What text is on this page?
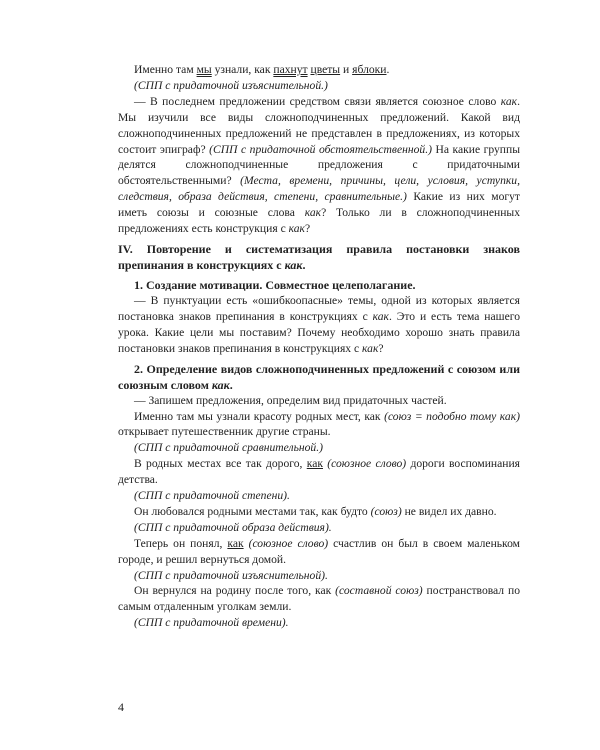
Именно там мы узнали, как пахнут цветы и яблоки.

(СПП с придаточной изъяснительной.)

— В последнем предложении средством связи является союзное слово как. Мы изучили все виды сложноподчиненных предложений. Какой вид сложноподчиненных предложений не представлен в предложениях, из которых состоит эпиграф? (СПП с придаточной обстоятельственной.) На какие группы делятся сложноподчиненные предложения с придаточными обстоятельственными? (Места, времени, причины, цели, условия, уступки, следствия, образа действия, степени, сравнительные.) Какие из них могут иметь союзы и союзные слова как? Только ли в сложноподчиненных предложениях есть конструкция с как?

IV. Повторение и систематизация правила постановки знаков препинания в конструкциях с как.

1. Создание мотивации. Совместное целеполагание.

— В пунктуации есть «ошибкоопасные» темы, одной из которых является постановка знаков препинания в конструкциях с как. Это и есть тема нашего урока. Какие цели мы поставим? Почему необходимо хорошо знать правила постановки знаков препинания в конструкциях с как?

2. Определение видов сложноподчиненных предложений с союзом или союзным словом как.

— Запишем предложения, определим вид придаточных частей.

Именно там мы узнали красоту родных мест, как (союз = подобно тому как) открывает путешественник другие страны.

(СПП с придаточной сравнительной.)

В родных местах все так дорого, как (союзное слово) дороги воспоминания детства.

(СПП с придаточной степени).

Он любовался родными местами так, как будто (союз) не видел их давно.

(СПП с придаточной образа действия).

Теперь он понял, как (союзное слово) счастлив он был в своем маленьком городе, и решил вернуться домой.

(СПП с придаточной изъяснительной).

Он вернулся на родину после того, как (составной союз) постранствовал по самым отдаленным уголкам земли.

(СПП с придаточной времени).

4
